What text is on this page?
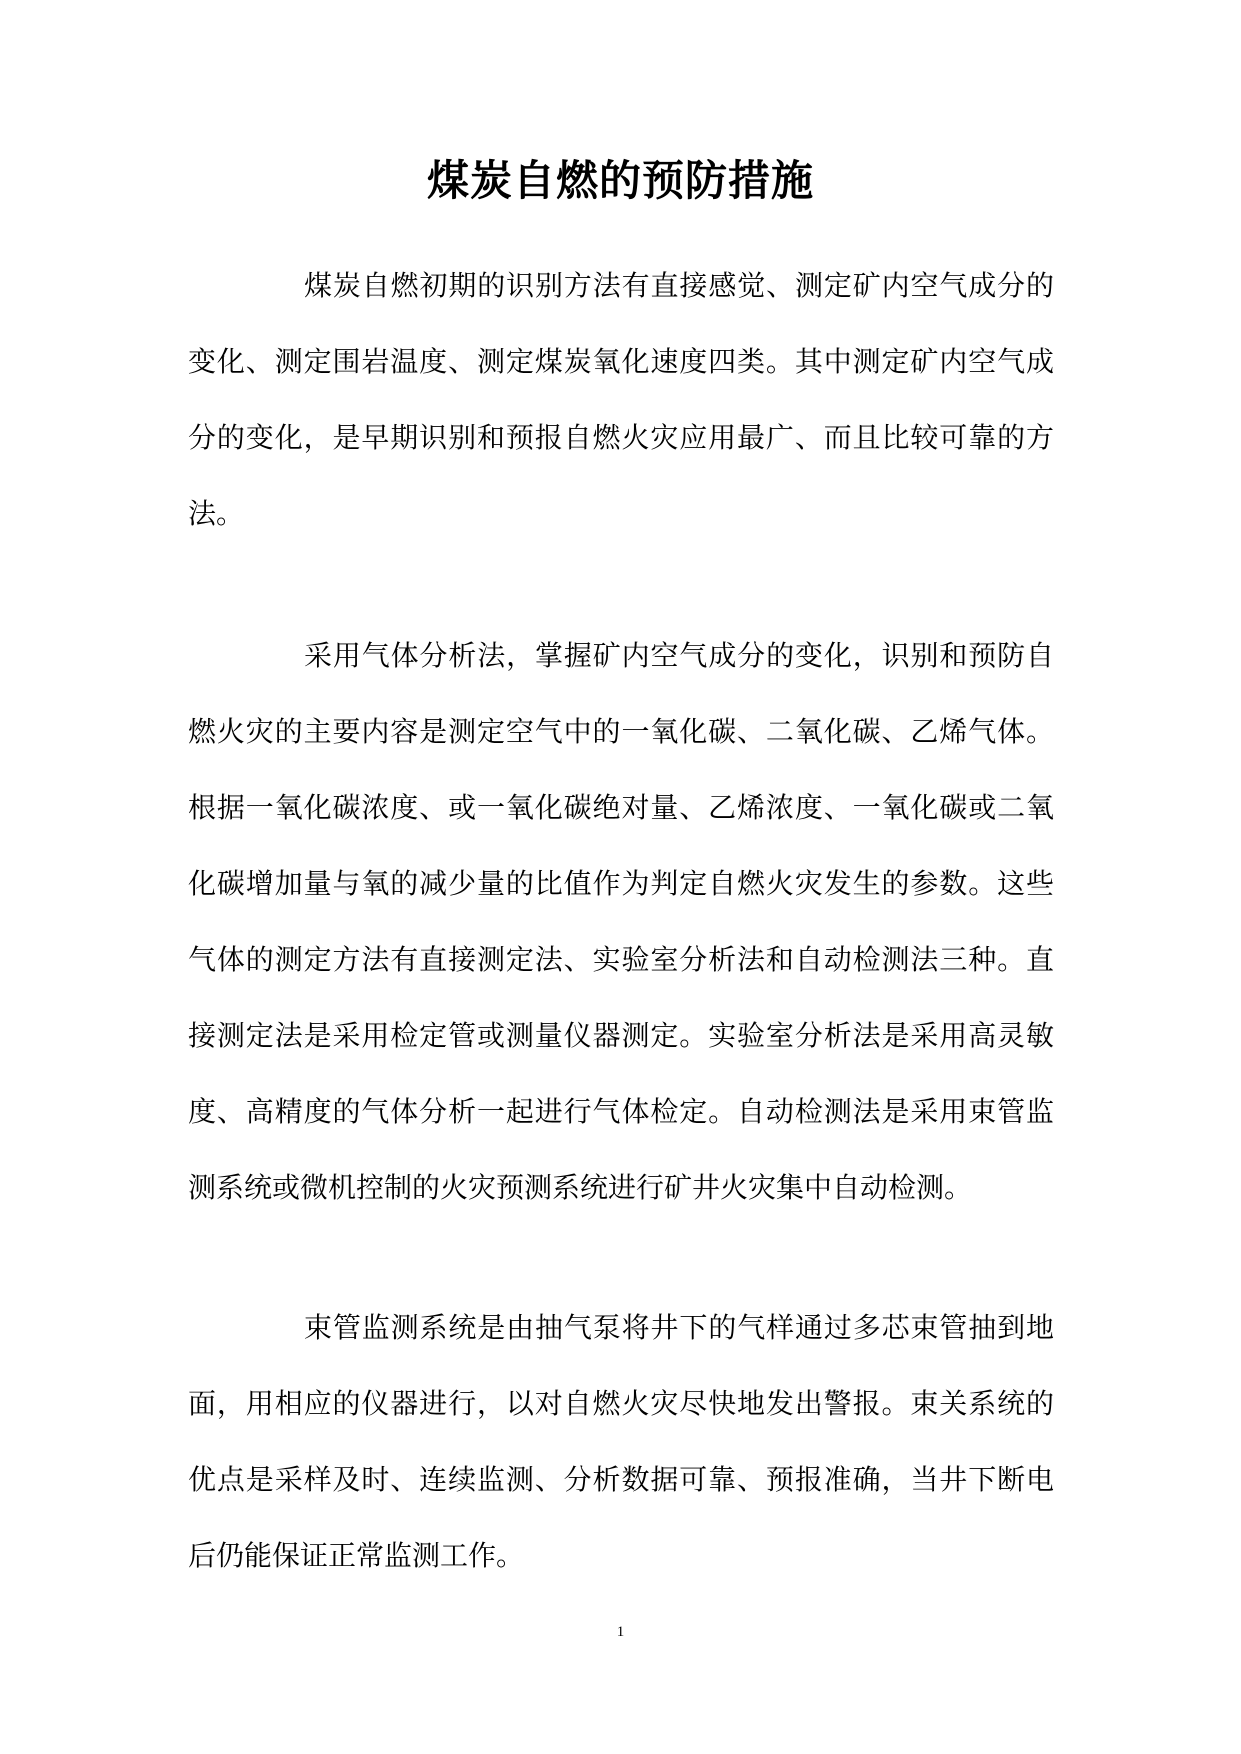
煤炭自燃的预防措施

煤炭自燃初期的识别方法有直接感觉、测定矿内空气成分的变化、测定围岩温度、测定煤炭氧化速度四类。其中测定矿内空气成分的变化，是早期识别和预报自燃火灾应用最广、而且比较可靠的方法。

采用气体分析法，掌握矿内空气成分的变化，识别和预防自燃火灾的主要内容是测定空气中的一氧化碳、二氧化碳、乙烯气体。根据一氧化碳浓度、或一氧化碳绝对量、乙烯浓度、一氧化碳或二氧化碳增加量与氧的减少量的比值作为判定自燃火灾发生的参数。这些气体的测定方法有直接测定法、实验室分析法和自动检测法三种。直接测定法是采用检定管或测量仪器测定。实验室分析法是采用高灵敏度、高精度的气体分析一起进行气体检定。自动检测法是采用束管监测系统或微机控制的火灾预测系统进行矿井火灾集中自动检测。

束管监测系统是由抽气泵将井下的气样通过多芯束管抽到地面，用相应的仪器进行，以对自燃火灾尽快地发出警报。束关系统的优点是采样及时、连续监测、分析数据可靠、预报准确，当井下断电后仍能保证正常监测工作。

1
